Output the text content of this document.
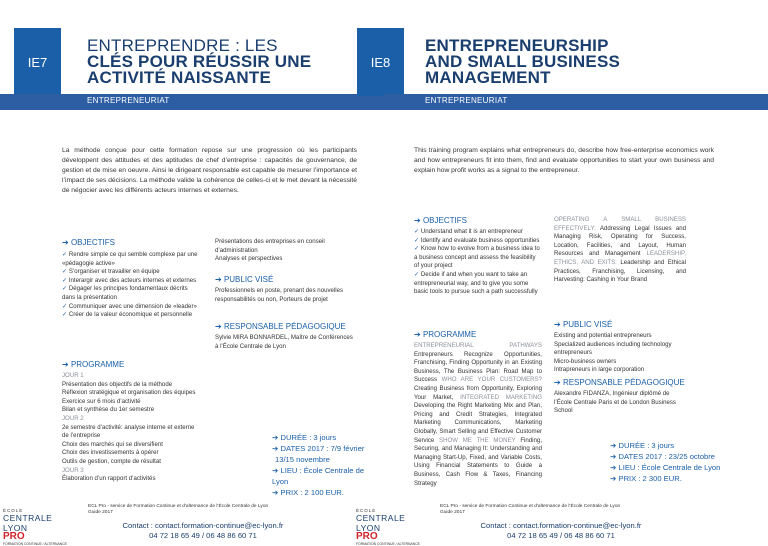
IE7
ENTREPRENDRE : LES
CLÉS POUR RÉUSSIR UNE
ACTIVITÉ NAISSANTE
ENTREPRENEURIAT

La méthode conçue pour cette formation repose sur une progression où les participants développent des attitudes et des aptitudes de chef d’entreprise : capacités de gouvernance, de gestion et de mise en oeuvre. Ainsi le dirigeant responsable est capable de mesurer l’importance et l’impact de ses décisions. La méthode valide la cohérence de celles-ci et le met devant la nécessité de négocier avec les différents acteurs internes et externes.

➔ OBJECTIFS
✓ Rendre simple ce qui semble complexe par une «pédagogie active»
✓ S’organiser et travailler en équipe
✓ Interargir avec des acteurs internes et externes
✓ Dégager les principes fondamentaux décrits dans la présentation
✓ Communiquer avec une dimension de «leader»
✓ Créer de la valeur économique et personnelle
➔ PROGRAMME
JOUR 1
Présentation des objectifs de la méthode
Réflexion stratégique et organisation des équipes
Exercice sur 6 mois d’activité
Bilan et synthèse du 1er semestre
JOUR 2
2e semestre d’activité: analyse interne et externe de l’entreprise
Choix des marchés qui se diversifient
Choix des investissements à opérer
Outils de gestion, compte de résultat
JOUR 3
Élaboration d’un rapport d’activités
Présentations des entreprises en conseil d’administration
Analyses et perspectives
➔ PUBLIC VISÉ
Professionnels en poste, prenant des nouvelles responsabilités ou non, Porteurs de projet
➔ RESPONSABLE PÉDAGOGIQUE
Sylvie MIRA BONNARDEL, Maître de Conférences à l’École Centrale de Lyon
➔ DURÉE : 3 jours
➔ DATES 2017 : 7/9 février
13/15 novembre
➔ LIEU : École Centrale de Lyon
➔ PRIX : 2 100 EUR.
ÉCOLE
CENTRALE LYON
PRO
FORMATION CONTINUE / ALTERNANCE
ECL Pro - service de Formation Continue et d’alternance de l’École Centrale de Lyon
Guide 2017
Contact : contact.formation-continue@ec-lyon.fr
04 72 18 65 49 / 06 48 86 60 71
IE8
ENTREPRENEURSHIP
AND SMALL BUSINESS
MANAGEMENT
ENTREPRENEURIAT

This training program explains what entrepreneurs do, describe how free-enterprise economics work and how entrepreneurs fit into them, find and evaluate opportunities to start your own business and explain how profit works as a signal to the entrepreneur.

➔ OBJECTIFS
✓ Understand what it is an entrepreneur
✓ Identify and evaluate business opportunities
✓ Know how to evolve from a business idea to a business concept and assess the feasibility of your project
✓ Decide if and when you want to take an entrepreneurial way, and to give you some basic tools to pursue such a path successfully
➔ PROGRAMME
ENTREPRENEURIAL PATHWAYS Entrepreneurs Recognize Opportunities, Franchising, Finding Opportunity in an Existing Business, The Business Plan: Road Map to Success WHO ARE YOUR CUSTOMERS? Creating Business from Opportunity, Exploring Your Market, INTEGRATED MARKETING Developing the Right Marketing Mix and Plan, Pricing and Credit Strategies, Integrated Marketing Communications, Marketing Globally, Smart Selling and Effective Customer Service SHOW ME THE MONEY Finding, Securing, and Managing It: Understanding and Managing Start-Up, Fixed, and Variable Costs, Using Financial Statements to Guide a Business, Cash Flow & Taxes, Financing Strategy
OPERATING A SMALL BUSINESS EFFECTIVELY: Addressing Legal Issues and Managing Risk, Operating for Success, Location, Facilities, and Layout, Human Resources and Management LEADERSHIP, ETHICS, AND EXITS: Leadership and Ethical Practices, Franchising, Licensing, and Harvesting: Cashing in Your Brand
➔ PUBLIC VISÉ
Existing and potential entrepreneurs
Specialized audiences including technology entrepreneurs
Micro-business owners
Intrapreneurs in large corporation
➔ RESPONSABLE PÉDAGOGIQUE
Alexandre FIDANZA, Ingénieur diplômé de l’École Centrale Paris et de London Business School
➔ DURÉE : 3 jours
➔ DATES 2017 : 23/25 octobre
➔ LIEU : École Centrale de Lyon
➔ PRIX : 2 300 EUR.
ÉCOLE
CENTRALE LYON
PRO
FORMATION CONTINUE / ALTERNANCE
ECL Pro - service de Formation Continue et d’alternance de l’École Centrale de Lyon
Guide 2017
Contact : contact.formation-continue@ec-lyon.fr
04 72 18 65 49 / 06 48 86 60 71
